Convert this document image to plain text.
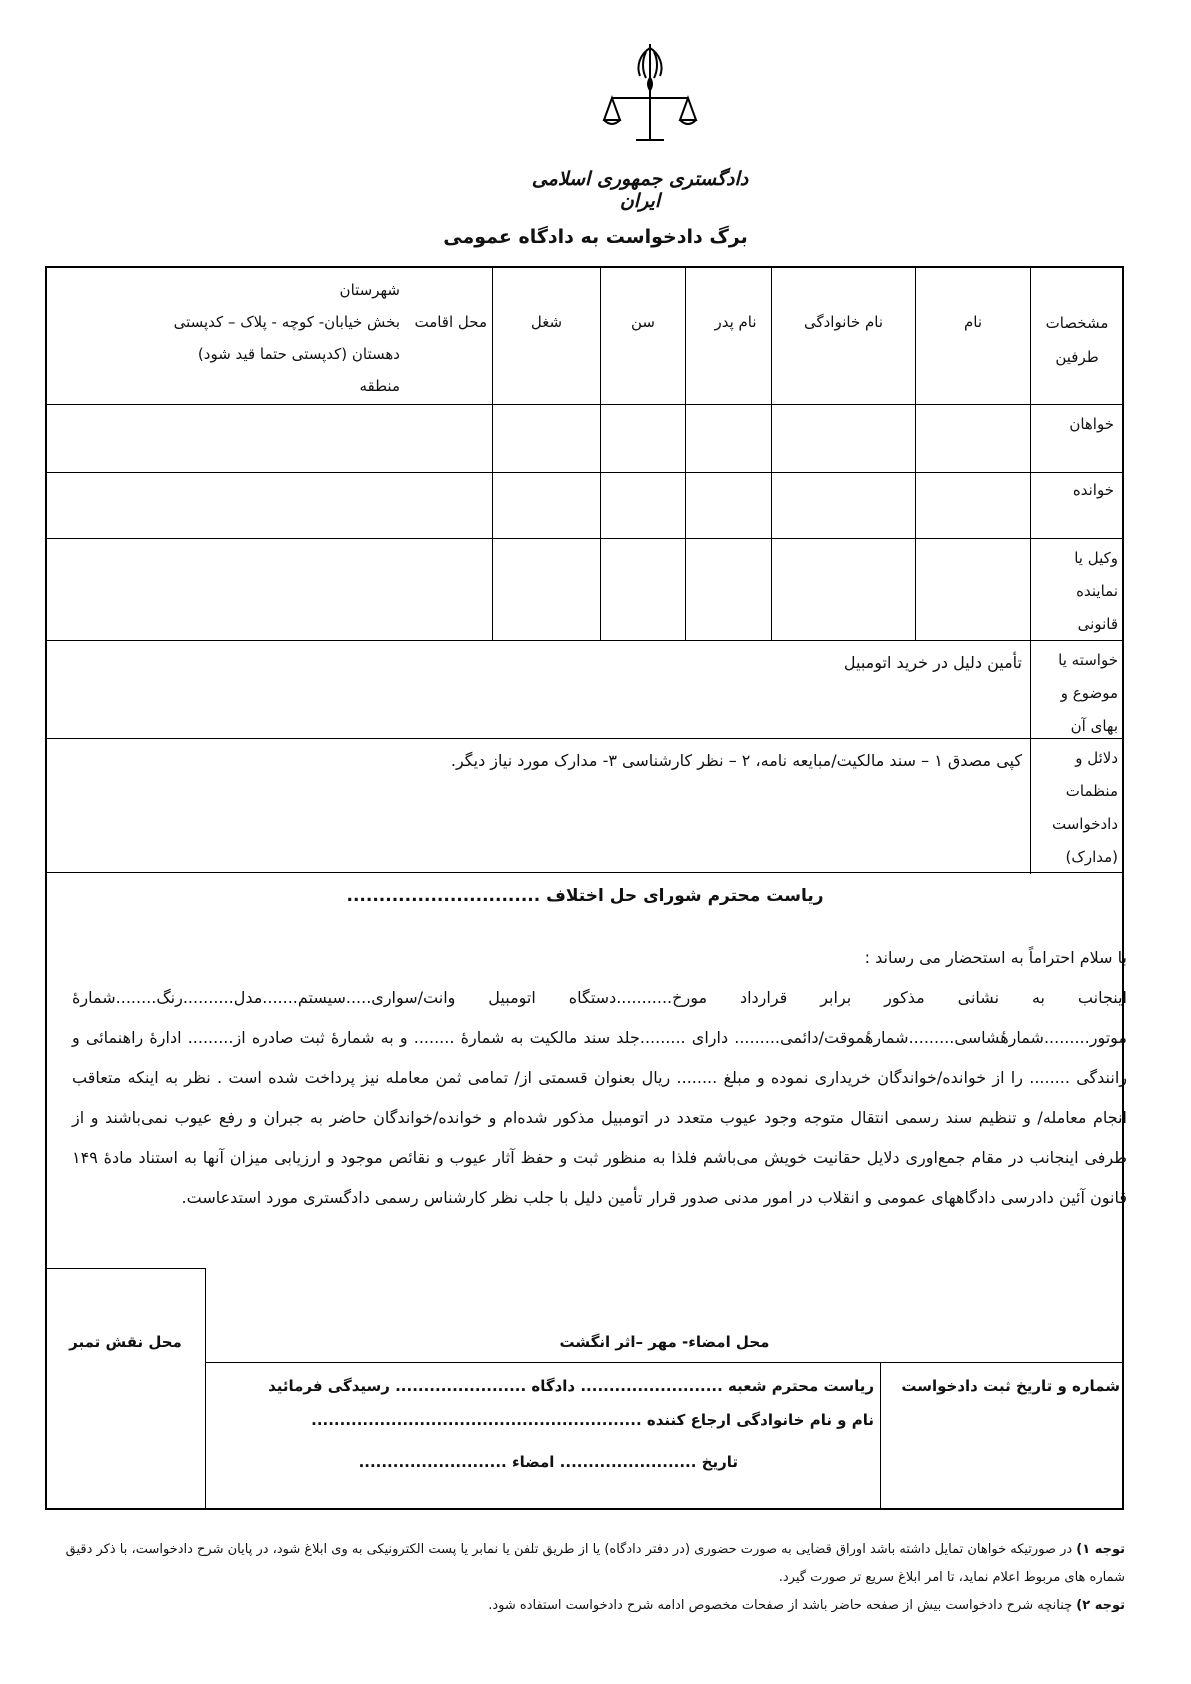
دادگستری جمهوری اسلامی ایران
برگ دادخواست به دادگاه عمومی
مشخصات طرفین
نام
نام خانوادگی
نام پدر
سن
شغل
محل اقامت
شهرستان
بخش خیابان- کوچه - پلاک – کدپستی
دهستان (کدپستی حتما قید شود)
منطقه
خواهان
خوانده
وکیل یا نماینده قانونی
خواسته یا موضوع و بهای آن
تأمین دلیل در خرید اتومبیل
دلائل و منظمات دادخواست (مدارک)
کپی مصدق ۱ – سند مالکیت/مبایعه نامه، ۲ – نظر کارشناسی ۳- مدارک مورد نیاز دیگر.
ریاست محترم شورای حل اختلاف ..............................

با سلام احتراماً به استحضار می رساند :

اینجانب به نشانی مذکور برابر قرارداد مورخ...........دستگاه اتومبیل وانت/سواری.....سیستم.......مدل..........رنگ........شمارهٔ موتور.........شمارهٔشاسی.........شمارهٔموقت/دائمی......... دارای .........جلد سند مالکیت به شمارهٔ ........ و به شمارهٔ ثبت صادره از......... ادارهٔ راهنمائی و رانندگی ........ را از خوانده/خواندگان خریداری نموده و مبلغ ........ ریال بعنوان قسمتی از/ تمامی ثمن معامله نیز پرداخت شده است . نظر به اینکه متعاقب انجام معامله/ و تنظیم سند رسمی انتقال متوجه وجود عیوب متعدد در اتومبیل مذکور شده‌ام و خوانده/خواندگان حاضر به جبران و رفع عیوب نمی‌باشند و از طرفی اینجانب در مقام جمع‌اوری دلایل حقانیت خویش می‌باشم فلذا به منظور ثبت و حفظ آثار عیوب و نقائص موجود و ارزیابی میزان آنها به استناد مادهٔ ۱۴۹ قانون آئین دادرسی دادگاههای عمومی و انقلاب در امور مدنی صدور قرار تأمین دلیل با جلب نظر کارشناس رسمی دادگستری مورد استدعاست.

محل نقش تمبر	محل امضاء- مهر –اثر انگشت
شماره و تاریخ ثبت دادخواست
ریاست محترم شعبه ......................... دادگاه ....................... رسیدگی فرمائید
نام و نام خانوادگی ارجاع کننده ..........................................................
تاریخ ........................ امضاء ..........................

توجه ۱) در صورتیکه خواهان تمایل داشته باشد اوراق قضایی به صورت حضوری (در دفتر دادگاه) یا از طریق تلفن یا نمابر یا پست الکترونیکی به وی ابلاغ شود، در پایان شرح دادخواست، با ذکر دقیق شماره های مربوط اعلام نماید، تا امر ابلاغ سریع تر صورت گیرد.

توجه ۲) چنانچه شرح دادخواست بیش از صفحه حاضر باشد از صفحات مخصوص ادامه شرح دادخواست استفاده شود.
